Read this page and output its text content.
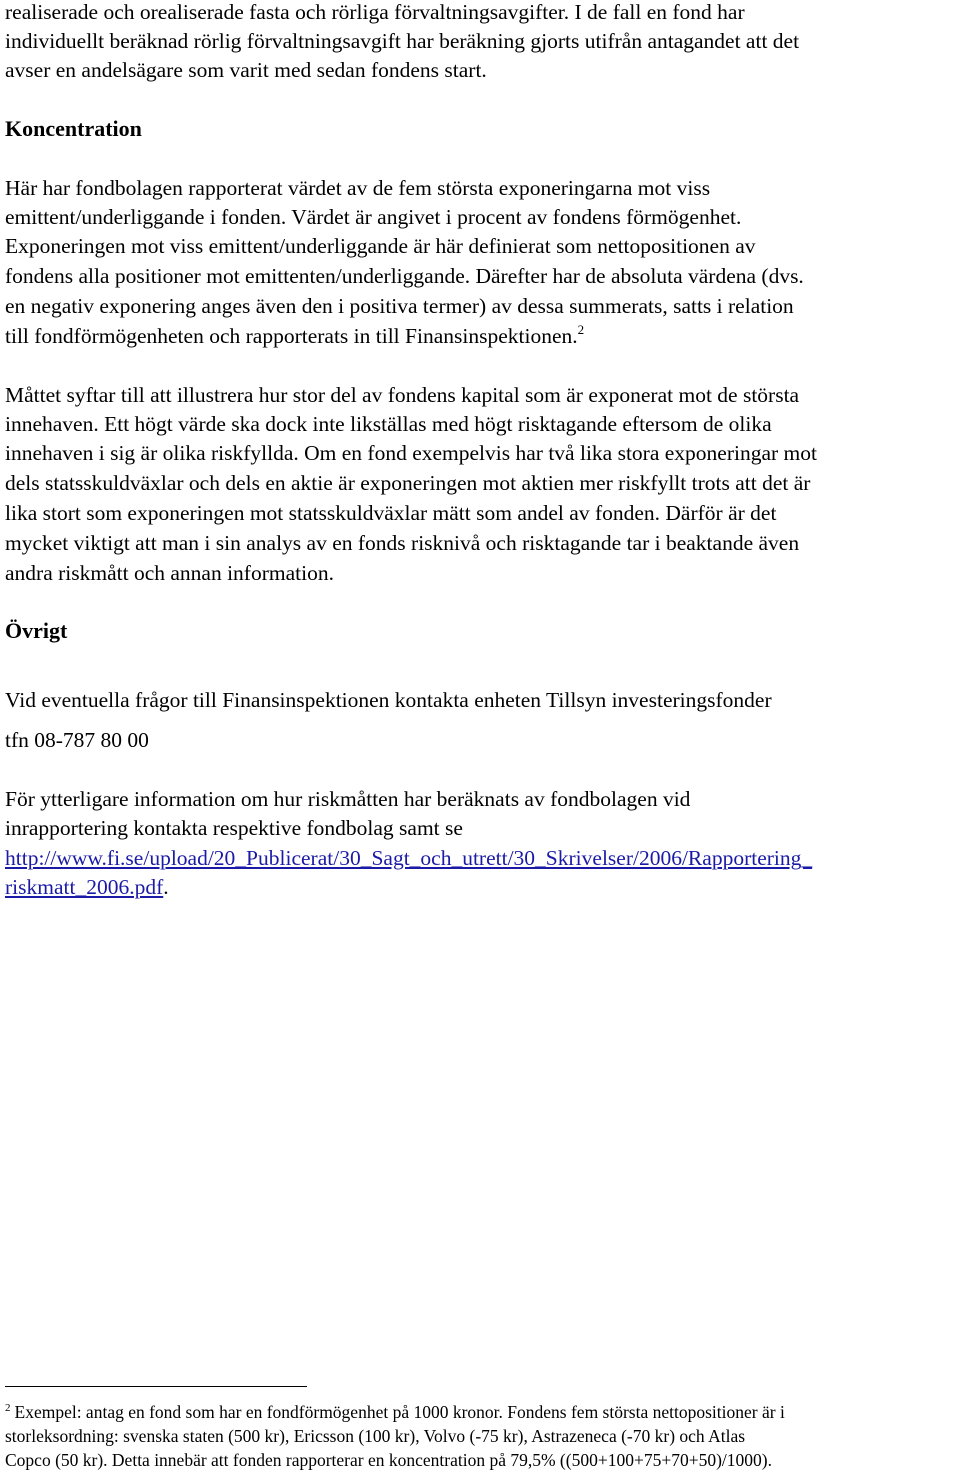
realiserade och orealiserade fasta och rörliga förvaltningsavgifter. I de fall en fond har
individuellt beräknad rörlig förvaltningsavgift har beräkning gjorts utifrån antagandet att det
avser en andelsägare som varit med sedan fondens start.
Koncentration
Här har fondbolagen rapporterat värdet av de fem största exponeringarna mot viss
emittent/underliggande i fonden. Värdet är angivet i procent av fondens förmögenhet.
Exponeringen mot viss emittent/underliggande är här definierat som nettopositionen av
fondens alla positioner mot emittenten/underliggande. Därefter har de absoluta värdena (dvs.
en negativ exponering anges även den i positiva termer) av dessa summerats, satts i relation
till fondförmögenheten och rapporterats in till Finansinspektionen.$^2$
Måttet syftar till att illustrera hur stor del av fondens kapital som är exponerat mot de största
innehaven. Ett högt värde ska dock inte likställas med högt risktagande eftersom de olika
innehaven i sig är olika riskfyllda. Om en fond exempelvis har två lika stora exponeringar mot
dels statsskuldväxlar och dels en aktie är exponeringen mot aktien mer riskfyllt trots att det är
lika stort som exponeringen mot statsskuldväxlar mätt som andel av fonden. Därför är det
mycket viktigt att man i sin analys av en fonds risknivå och risktagande tar i beaktande även
andra riskmått och annan information.
Övrigt
Vid eventuella frågor till Finansinspektionen kontakta enheten Tillsyn investeringsfonder
tfn 08-787 80 00
För ytterligare information om hur riskmåtten har beräknats av fondbolagen vid
inrapportering kontakta respektive fondbolag samt se
http://www.fi.se/upload/20_Publicerat/30_Sagt_och_utrett/30_Skrivelser/2006/Rapportering_
riskmatt_2006.pdf.
$^2$ Exempel: antag en fond som har en fondförmögenhet på 1000 kronor. Fondens fem största nettopositioner är i
storleksordning: svenska staten (500 kr), Ericsson (100 kr), Volvo (-75 kr), Astrazeneca (-70 kr) och Atlas
Copco (50 kr). Detta innebär att fonden rapporterar en koncentration på 79,5% ((500+100+75+70+50)/1000).
